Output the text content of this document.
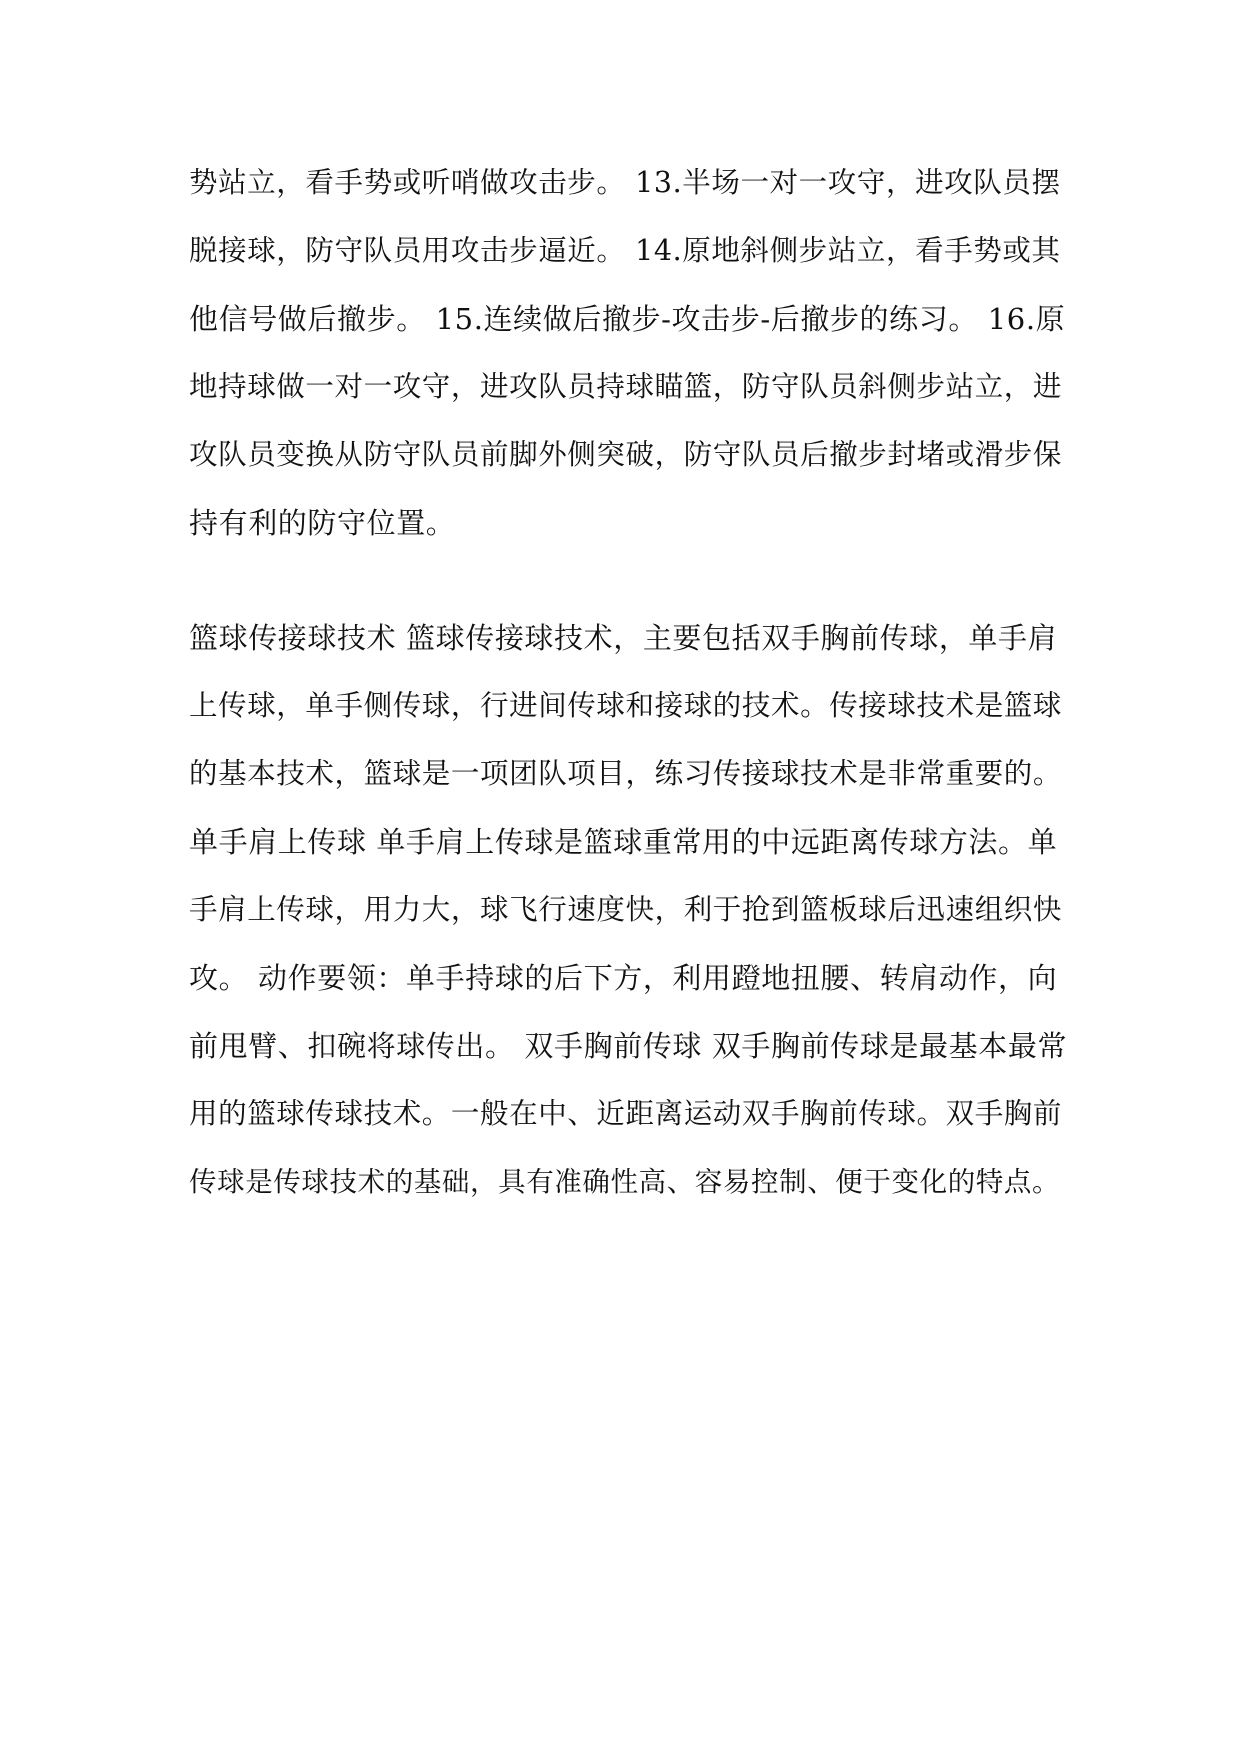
势站立，看手势或听哨做攻击步。 13.半场一对一攻守，进攻队员摆
脱接球，防守队员用攻击步逼近。 14.原地斜侧步站立，看手势或其
他信号做后撤步。 15.连续做后撤步-攻击步-后撤步的练习。 16.原
地持球做一对一攻守，进攻队员持球瞄篮，防守队员斜侧步站立，进
攻队员变换从防守队员前脚外侧突破，防守队员后撤步封堵或滑步保
持有利的防守位置。
篮球传接球技术 篮球传接球技术，主要包括双手胸前传球，单手肩
上传球，单手侧传球，行进间传球和接球的技术。传接球技术是篮球
的基本技术，篮球是一项团队项目，练习传接球技术是非常重要的。
单手肩上传球 单手肩上传球是篮球重常用的中远距离传球方法。单
手肩上传球，用力大，球飞行速度快，利于抢到篮板球后迅速组织快
攻。 动作要领：单手持球的后下方，利用蹬地扭腰、转肩动作，向
前甩臂、扣碗将球传出。 双手胸前传球 双手胸前传球是最基本最常
用的篮球传球技术。一般在中、近距离运动双手胸前传球。双手胸前
传球是传球技术的基础，具有准确性高、容易控制、便于变化的特点。
